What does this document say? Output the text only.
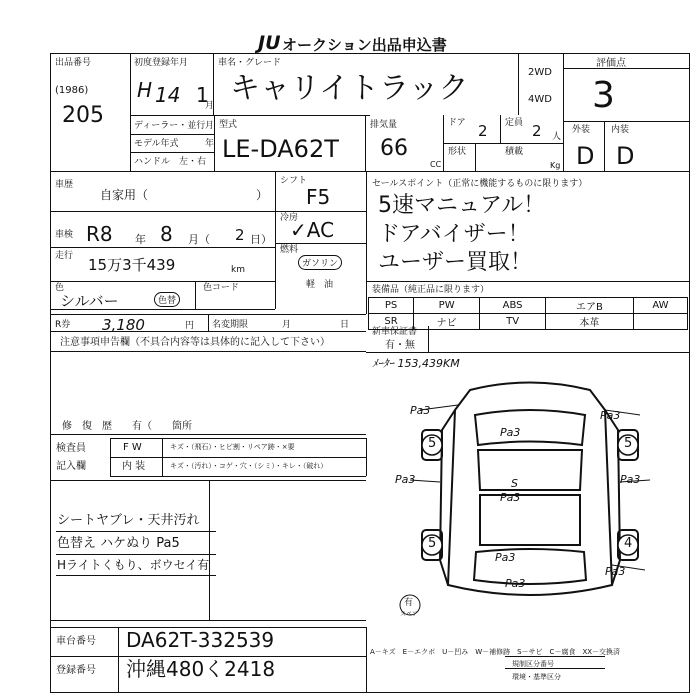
JU オークション出品申込書
出品番号
(1986)
205
初度登録年月
H 14 1
月
車名・グレード
キャリイトラック	2WD
4WD
評価点
3
外装 内装
D D
ディーラー・並行 月
モデル年式	年
ハンドル　左・右
型式
LE-DA62T
排気量
66
CC
ドア 2 定員 2 人
形状	積載
Kg
車歴
自家用（	）
シフト
F5
車検 R8 年 8 月（ 2 日）
冷房
✓AC
走行 15万3千439	km
燃料
ガソリン
軽　油
色
シルバー	色替
色コード
R券 3,180	円 名変期限	月	日
セールスポイント（正常に機能するものに限ります）
5速マニュアル！
ドアバイザー！
ユーザー買取！
装備品（純正品に限ります）
PS	PW	ABS	エアB	AW
SR	ナビ	TV	本革	
新車保証書
有・無
ﾒｰﾀｰ 153,439KM
注意事項申告欄（不具合内容等は具体的に記入して下さい）
修　復　歴　　有（　　箇所
検査員
記入欄
F W	キズ・（飛石）・ヒビ割・リペア跡・×要
内 装	キズ・（汚れ）・コゲ・穴・（シミ）・キレ・（破れ）
シートヤブレ・天井汚れ
色替え ハケぬり Pa5
Hライトくもり、ボウセイ有
Pa3	Pa3
Pa3
Pa3	Pa3
Pa3
Pa3
Pa3
S
Pa3
5	5
5	4
有
スペア
A－キズ　E－エクボ　U－凹み　W－補修跡　S－サビ　C－腐食　XX－交換済
規制区分番号
環境・基準区分
車台番号 DA62T-332539
登録番号 沖縄480く2418
